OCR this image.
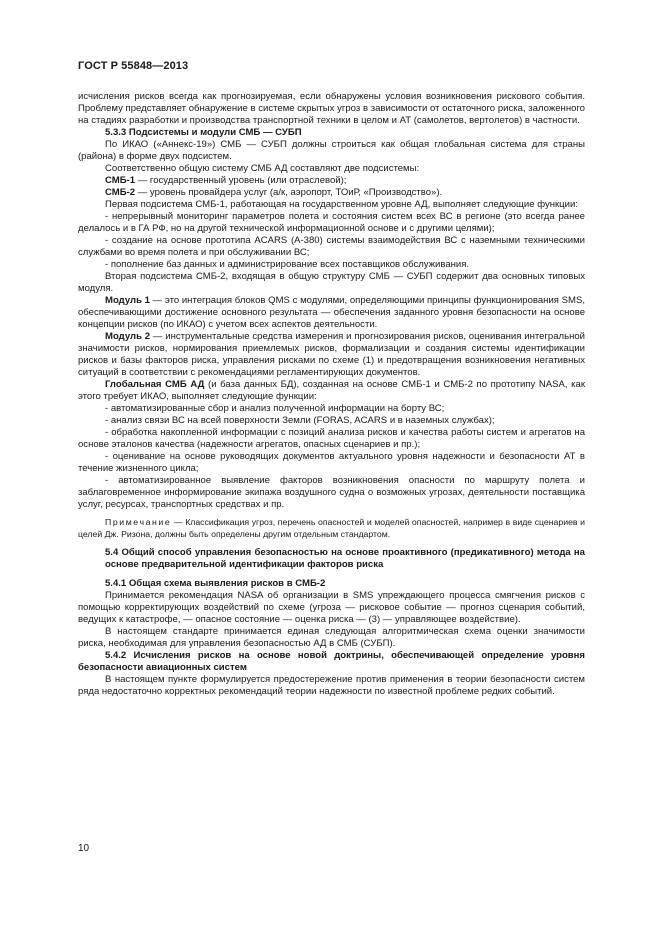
ГОСТ Р 55848—2013

исчисления рисков всегда как прогнозируемая, если обнаружены условия возникновения рискового события. Проблему представляет обнаружение в системе скрытых угроз в зависимости от остаточного риска, заложенного на стадиях разработки и производства транспортной техники в целом и АТ (самолетов, вертолетов) в частности.

5.3.3 Подсистемы и модули СМБ — СУБП

По ИКАО («Аннекс-19») СМБ — СУБП должны строиться как общая глобальная система для страны (района) в форме двух подсистем.

Соответственно общую систему СМБ АД составляют две подсистемы:

СМБ-1 — государственный уровень (или отраслевой);

СМБ-2 — уровень провайдера услуг (а/к, аэропорт, ТОиР, «Производство»).

Первая подсистема СМБ-1, работающая на государственном уровне АД, выполняет следующие функции:

- непрерывный мониторинг параметров полета и состояния систем всех ВС в регионе (это всегда ранее делалось и в ГА РФ, но на другой технической информационной основе и с другими целями);

- создание на основе прототипа ACARS (А-380) системы взаимодействия ВС с наземными техническими службами во время полета и при обслуживании ВС;

- пополнение баз данных и администрирование всех поставщиков обслуживания.

Вторая подсистема СМБ-2, входящая в общую структуру СМБ — СУБП содержит два основных типовых модуля.

Модуль 1 — это интеграция блоков QMS с модулями, определяющими принципы функционирования SMS, обеспечивающими достижение основного результата — обеспечения заданного уровня безопасности на основе концепции рисков (по ИКАО) с учетом всех аспектов деятельности.

Модуль 2 — инструментальные средства измерения и прогнозирования рисков, оценивания интегральной значимости рисков, нормирования приемлемых рисков, формализации и создания системы идентификации рисков и базы факторов риска, управления рисками по схеме (1) и предотвращения возникновения негативных ситуаций в соответствии с рекомендациями регламентирующих документов.

Глобальная СМБ АД (и база данных БД), созданная на основе СМБ-1 и СМБ-2 по прототипу NASA, как этого требует ИКАО, выполняет следующие функции:

- автоматизированные сбор и анализ полученной информации на борту ВС;

- анализ связи ВС на всей поверхности Земли (FORAS, ACARS и в наземных службах);

- обработка накопленной информации с позиций анализа рисков и качества работы систем и агрегатов на основе эталонов качества (надежности агрегатов, опасных сценариев и пр.);

- оценивание на основе руководящих документов актуального уровня надежности и безопасности АТ в течение жизненного цикла;

- автоматизированное выявление факторов возникновения опасности по маршруту полета и заблаговременное информирование экипажа воздушного судна о возможных угрозах, деятельности поставщика услуг, ресурсах, транспортных средствах и пр.

Примечание — Классификация угроз, перечень опасностей и моделей опасностей, например в виде сценариев и целей Дж. Ризона, должны быть определены другим отдельным стандартом.

5.4 Общий способ управления безопасностью на основе проактивного (предикативного) метода на основе предварительной идентификации факторов риска

5.4.1 Общая схема выявления рисков в СМБ-2

Принимается рекомендация NASA об организации в SMS упреждающего процесса смягчения рисков с помощью корректирующих воздействий по схеме (угроза — рисковое событие — прогноз сценария событий, ведущих к катастрофе, — опасное состояние — оценка риска — (3) — управляющее воздействие).

В настоящем стандарте принимается единая следующая алгоритмическая схема оценки значимости риска, необходимая для управления безопасностью АД в СМБ (СУБП).

5.4.2 Исчисления рисков на основе новой доктрины, обеспечивающей определение уровня безопасности авиационных систем

В настоящем пункте формулируется предостережение против применения в теории безопасности систем ряда недостаточно корректных рекомендаций теории надежности по известной проблеме редких событий.

10
